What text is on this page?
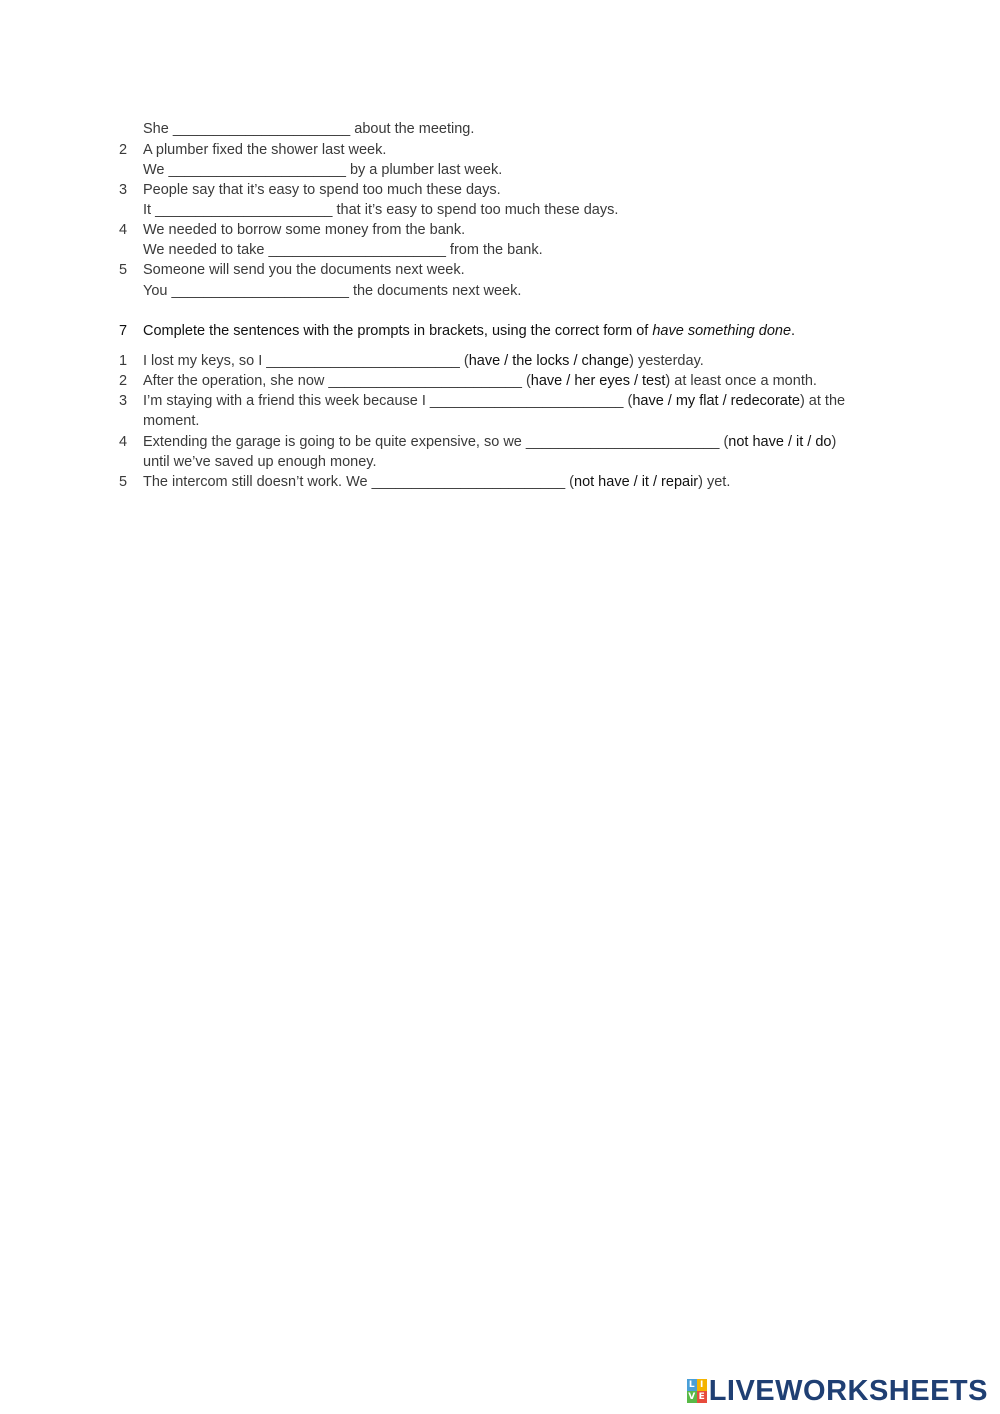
She ______________________ about the meeting.
2 A plumber fixed the shower last week.
We ______________________ by a plumber last week.
3 People say that it’s easy to spend too much these days.
It ______________________ that it’s easy to spend too much these days.
4 We needed to borrow some money from the bank.
We needed to take ______________________ from the bank.
5 Someone will send you the documents next week.
You ______________________ the documents next week.
7 Complete the sentences with the prompts in brackets, using the correct form of have something done.
1 I lost my keys, so I ________________________ (have / the locks / change) yesterday.
2 After the operation, she now ________________________ (have / her eyes / test) at least once a month.
3 I’m staying with a friend this week because I ________________________ (have / my flat / redecorate) at the
moment.
4 Extending the garage is going to be quite expensive, so we ________________________ (not have / it / do)
until we’ve saved up enough money.
5 The intercom still doesn’t work. We ________________________ (not have / it / repair) yet.
L I
V E LIVEWORKSHEETS
